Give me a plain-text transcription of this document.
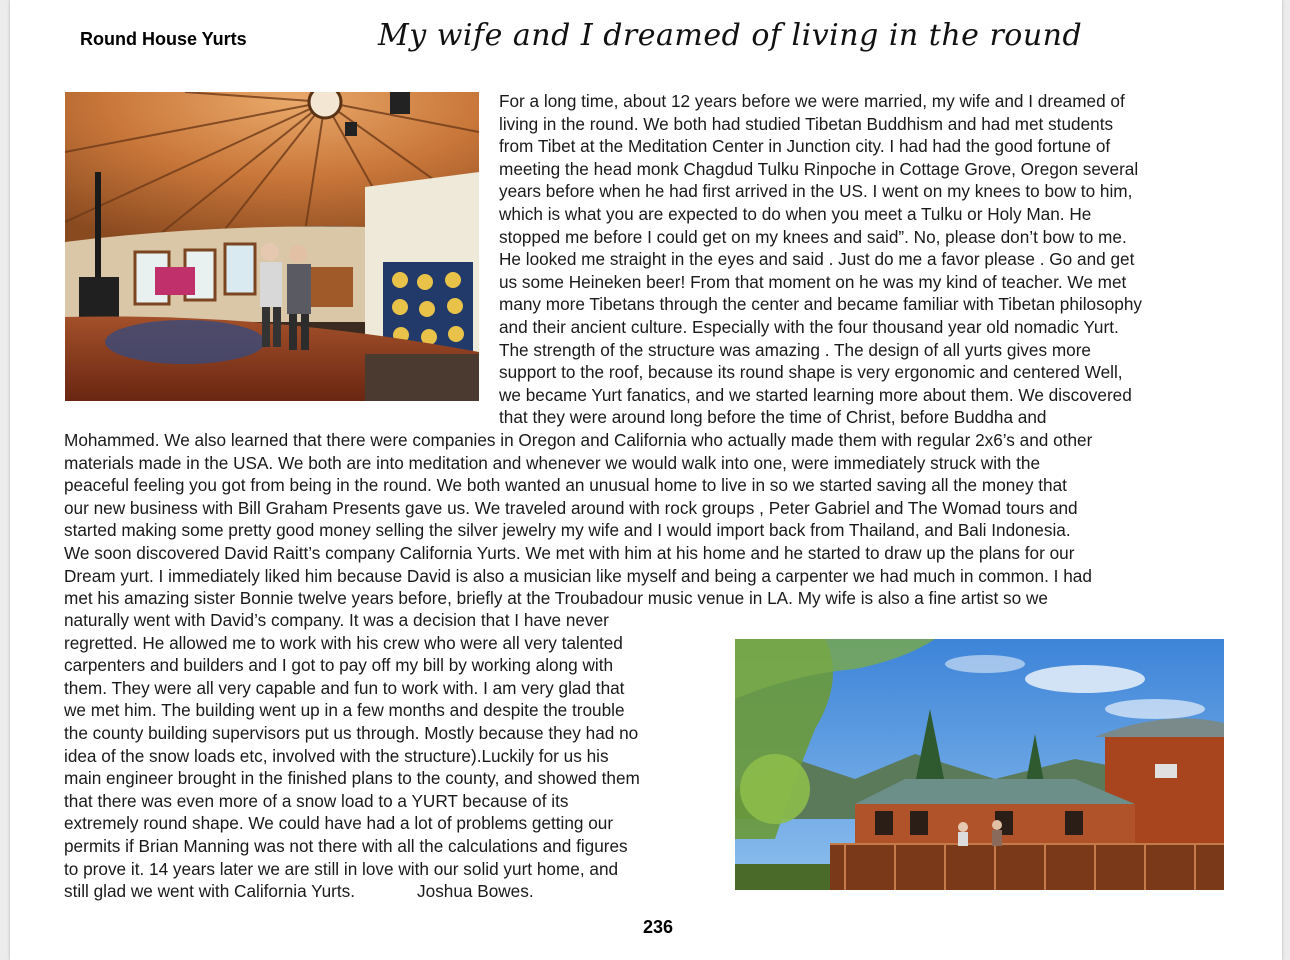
Round House Yurts	My wife and I dreamed of living in the round
For a long time, about 12 years before we were married, my wife and I dreamed of
living in the round. We both had studied Tibetan Buddhism and had met students
from Tibet at the Meditation Center in Junction city. I had had the good fortune of
meeting the head monk Chagdud Tulku Rinpoche in Cottage Grove, Oregon several
years before when he had first arrived in the US. I went on my knees to bow to him,
which is what you are expected to do when you meet a Tulku or Holy Man. He
stopped me before I could get on my knees and said”. No, please don’t bow to me.
He looked me straight in the eyes and said . Just do me a favor please . Go and get
us some Heineken beer! From that moment on he was my kind of teacher. We met
many more Tibetans through the center and became familiar with Tibetan philosophy
and their ancient culture. Especially with the four thousand year old nomadic Yurt.
The strength of the structure was amazing . The design of all yurts gives more
support to the roof, because its round shape is very ergonomic and centered Well,
we became Yurt fanatics, and we started learning more about them. We discovered
that they were around long before the time of Christ, before Buddha and
Mohammed. We also learned that there were companies in Oregon and California who actually made them with regular 2x6’s and other
materials made in the USA. We both are into meditation and whenever we would walk into one, were immediately struck with the
peaceful feeling you got from being in the round. We both wanted an unusual home to live in so we started saving all the money that
our new business with Bill Graham Presents gave us. We traveled around with rock groups , Peter Gabriel and The Womad tours and
started making some pretty good money selling the silver jewelry my wife and I would import back from Thailand, and Bali Indonesia.
We soon discovered David Raitt’s company California Yurts. We met with him at his home and he started to draw up the plans for our
Dream yurt. I immediately liked him because David is also a musician like myself and being a carpenter we had much in common. I had
met his amazing sister Bonnie twelve years before, briefly at the Troubadour music venue in LA. My wife is also a fine artist so we
naturally went with David’s company. It was a decision that I have never
regretted. He allowed me to work with his crew who were all very talented
carpenters and builders and I got to pay off my bill by working along with
them. They were all very capable and fun to work with. I am very glad that
we met him. The building went up in a few months and despite the trouble
the county building supervisors put us through. Mostly because they had no
idea of the snow loads etc, involved with the structure).Luckily for us his
main engineer brought in the finished plans to the county, and showed them
that there was even more of a snow load to a YURT because of its
extremely round shape. We could have had a lot of problems getting our
permits if Brian Manning was not there with all the calculations and figures
to prove it. 14 years later we are still in love with our solid yurt home, and
still glad we went with California Yurts.	Joshua Bowes.
236
